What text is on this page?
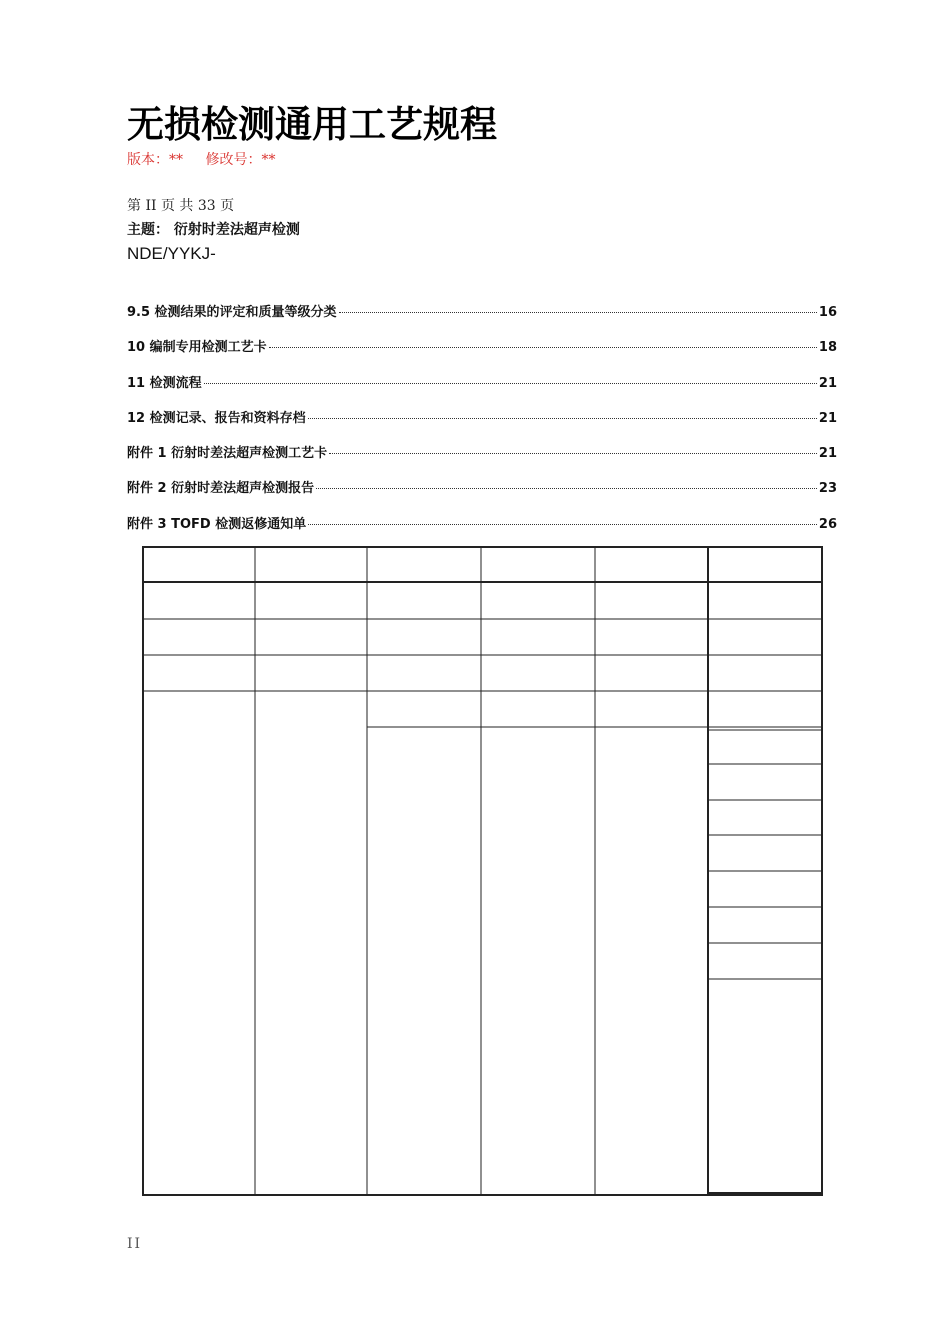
无损检测通用工艺规程
版本：** 修改号：**
第 II 页 共 33 页
主题： 衍射时差法超声检测
NDE/YYKJ-
9.5 检测结果的评定和质量等级分类	16
10 编制专用检测工艺卡	18
11 检测流程	21
12 检测记录、报告和资料存档	21
附件 1 衍射时差法超声检测工艺卡	21
附件 2 衍射时差法超声检测报告	23
附件 3 TOFD 检测返修通知单	26
II
